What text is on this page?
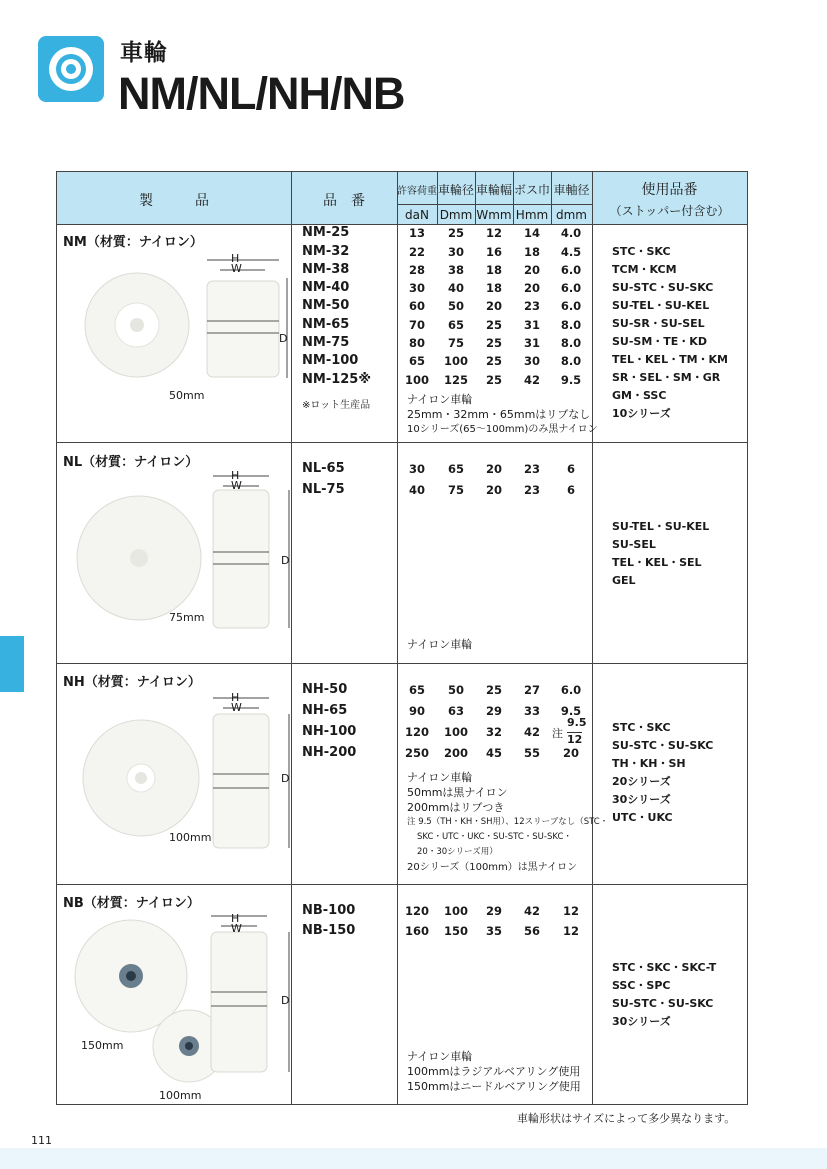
車輪
NM/NL/NH/NB
製　　　品	品　番
許容荷重 車輪径 車輪幅 ボス巾 車軸径
daN Dmm Wmm Hmm dmm
使用品番
（ストッパー付含む）
NM（材質：ナイロン）
H
W
D
50mm
NM-25	13	25	12	14	4.0
NM-32	22	30	16	18	4.5
NM-38	28	38	18	20	6.0
NM-40	30	40	18	20	6.0
NM-50	60	50	20	23	6.0
NM-65	70	65	25	31	8.0
NM-75	80	75	25	31	8.0
NM-100	65	100	25	30	8.0
NM-125※	100	125	25	42	9.5
※ロット生産品	ナイロン車輪
25mm・32mm・65mmはリブなし
10シリーズ(65～100mm)のみ黒ナイロン
STC・SKC
TCM・KCM
SU-STC・SU-SKC
SU-TEL・SU-KEL
SU-SR・SU-SEL
SU-SM・TE・KD
TEL・KEL・TM・KM
SR・SEL・SM・GR
GM・SSC
10シリーズ
NL（材質：ナイロン）
H
W
D
75mm
NL-65	30	65	20	23	6
NL-75	40	75	20	23	6
ナイロン車輪
SU-TEL・SU-KEL
SU-SEL
TEL・KEL・SEL
GEL
NH（材質：ナイロン）
H
W
D
100mm
NH-50	65	50	25	27	6.0
NH-65	90	63	29	33	9.5
NH-100	120	100	32	42	注
9.5
12
NH-200	250	200	45	55	20
ナイロン車輪
50mmは黒ナイロン
200mmはリブつき
注 9.5（TH・KH・SH用）、12スリーブなし（STC・
SKC・UTC・UKC・SU-STC・SU-SKC・
20・30シリーズ用）
20シリーズ（100mm）は黒ナイロン
STC・SKC
SU-STC・SU-SKC
TH・KH・SH
20シリーズ
30シリーズ
UTC・UKC
NB（材質：ナイロン）
H
W
D
150mm
100mm
NB-100	120	100	29	42	12
NB-150	160	150	35	56	12
ナイロン車輪
100mmはラジアルベアリング使用
150mmはニードルベアリング使用
STC・SKC・SKC-T
SSC・SPC
SU-STC・SU-SKC
30シリーズ
車輪形状はサイズによって多少異なります。
111
